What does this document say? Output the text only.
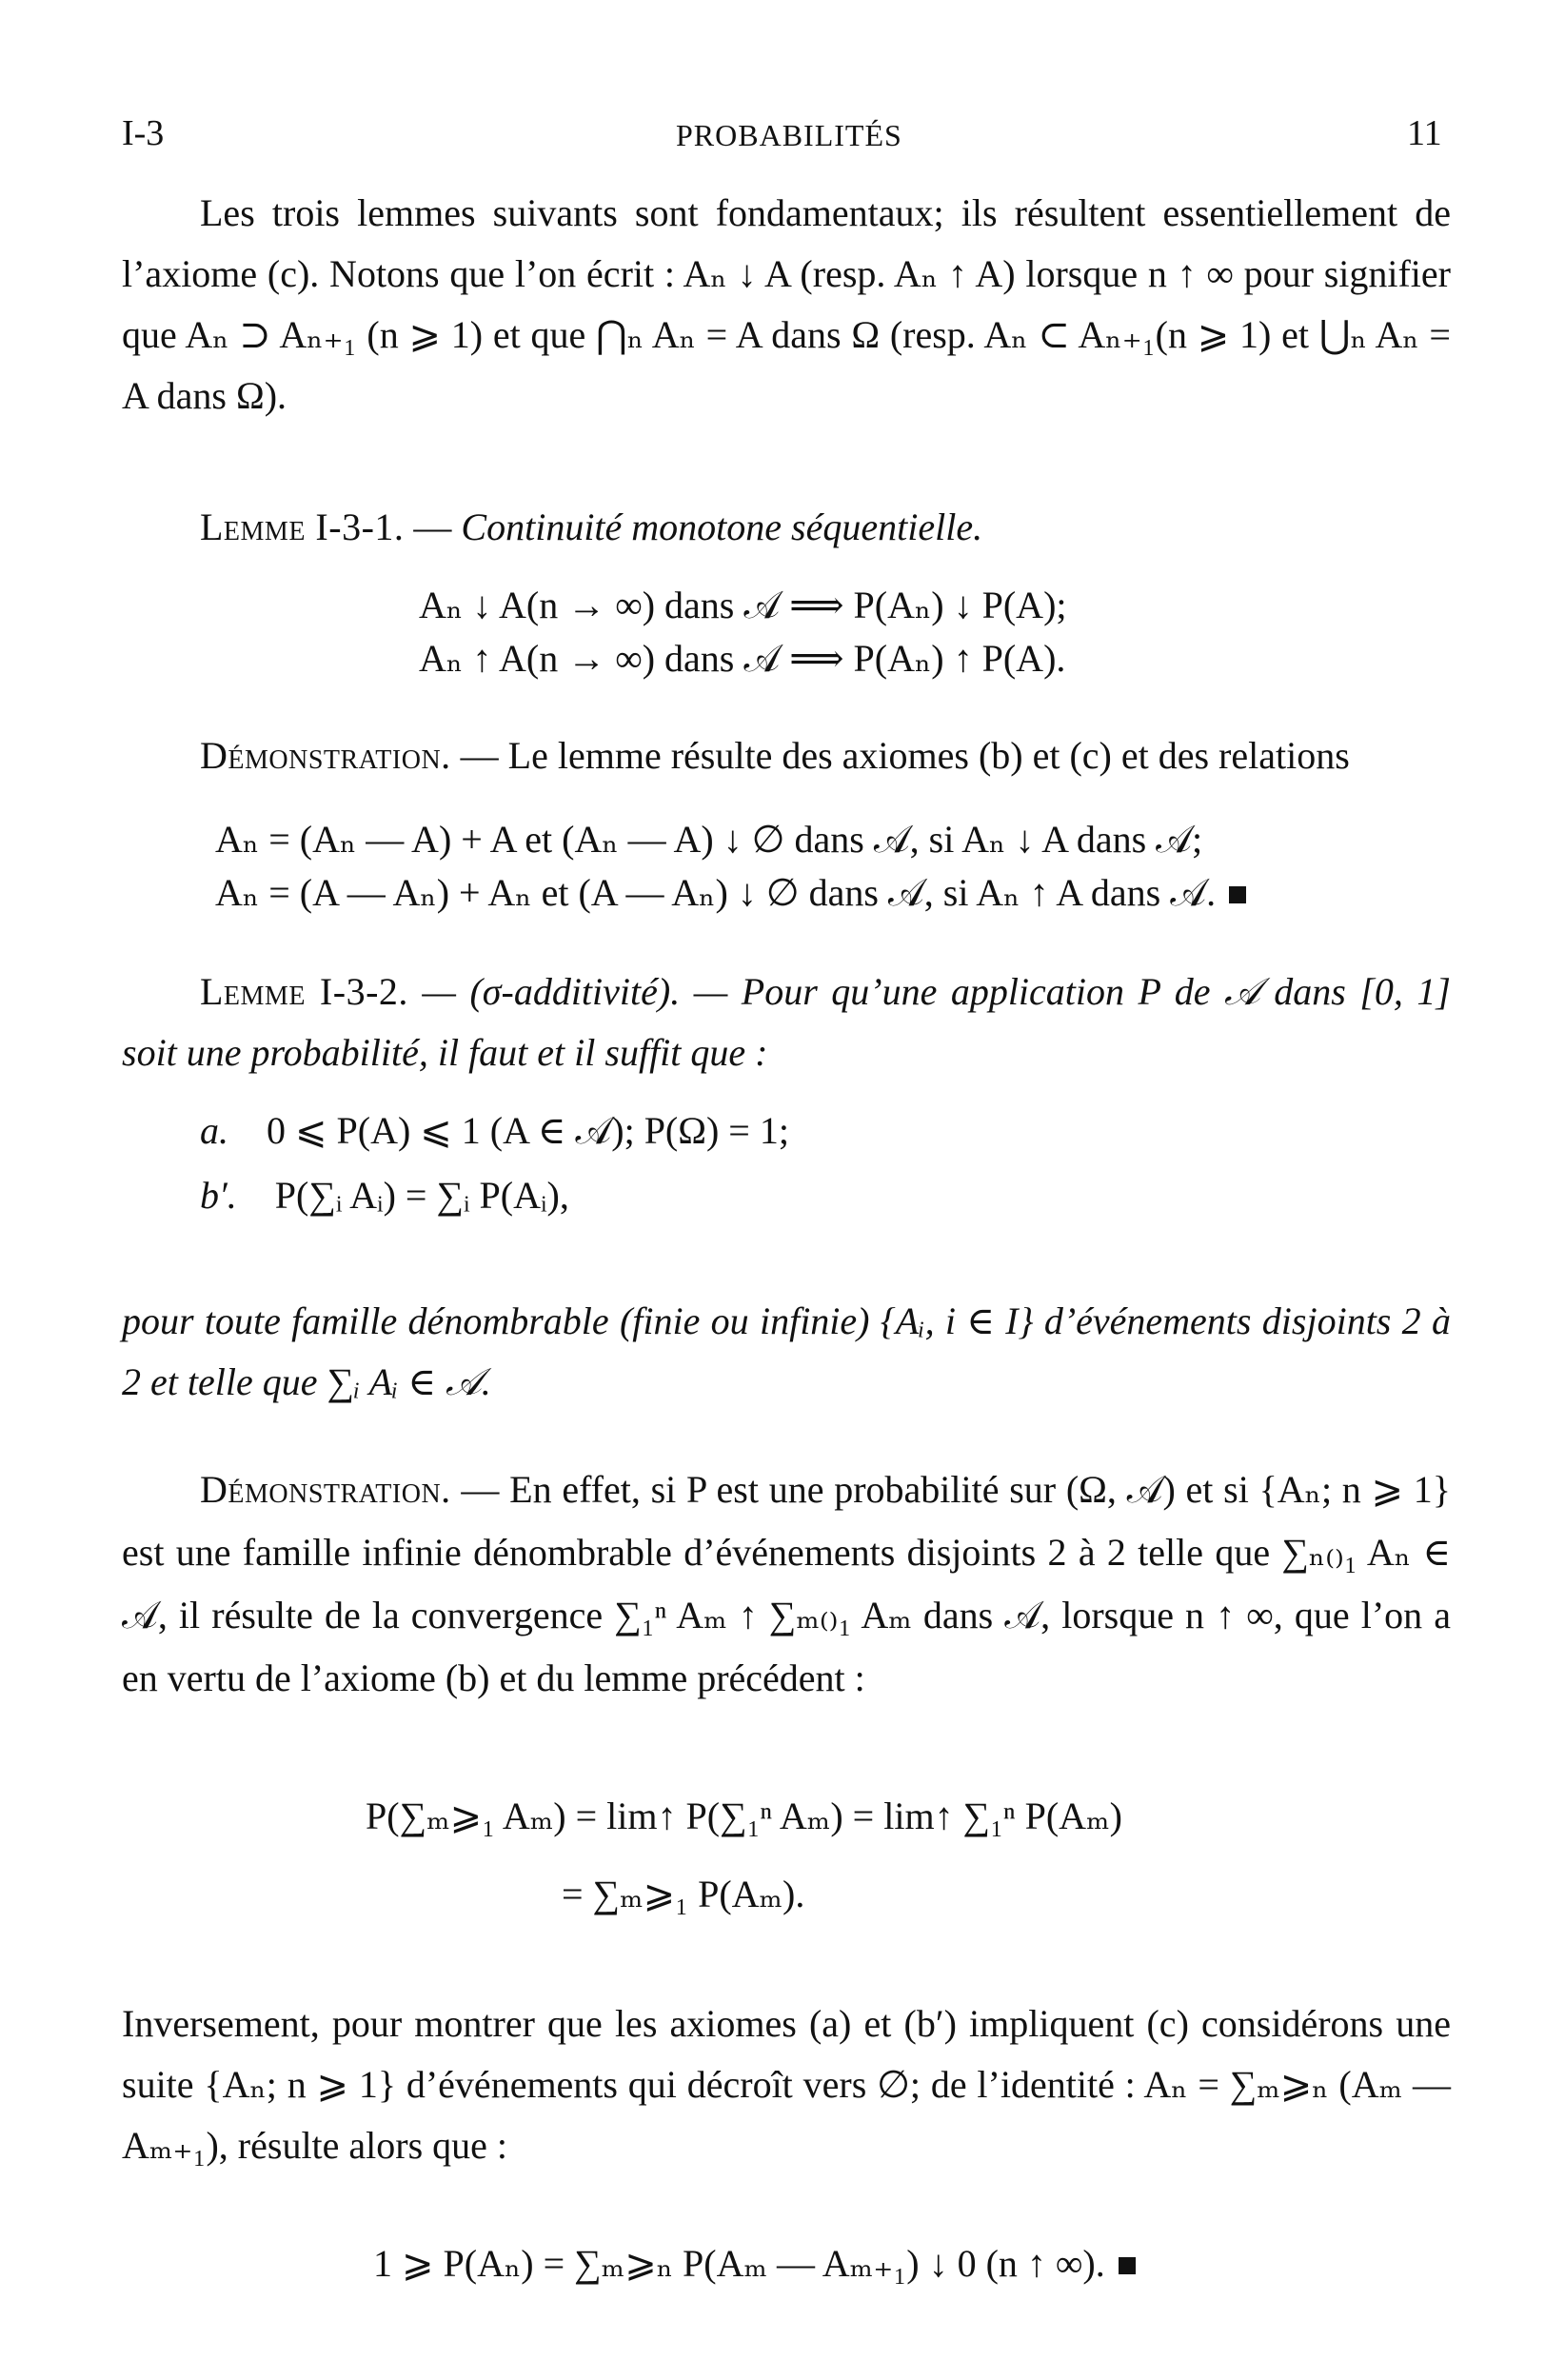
I-3	PROBABILITÉS	11
Les trois lemmes suivants sont fondamentaux; ils résultent essentiellement de l’axiome (c). Notons que l’on écrit : Aₙ ↓ A (resp. Aₙ ↑ A) lorsque n ↑ ∞ pour signifier que Aₙ ⊃ Aₙ₊₁ (n ⩾ 1) et que ⋂ₙ Aₙ = A dans Ω (resp. Aₙ ⊂ Aₙ₊₁(n ⩾ 1) et ⋃ₙ Aₙ = A dans Ω).
Lemme I-3-1. — Continuité monotone séquentielle.
Aₙ ↓ A(n → ∞) dans 𝒜 ⟹ P(Aₙ) ↓ P(A);
Aₙ ↑ A(n → ∞) dans 𝒜 ⟹ P(Aₙ) ↑ P(A).
Démonstration. — Le lemme résulte des axiomes (b) et (c) et des relations
Aₙ = (Aₙ — A) + A et (Aₙ — A) ↓ ∅ dans 𝒜, si Aₙ ↓ A dans 𝒜;
Aₙ = (A — Aₙ) + Aₙ et (A — Aₙ) ↓ ∅ dans 𝒜, si Aₙ ↑ A dans 𝒜.
Lemme I-3-2. — (σ-additivité). — Pour qu’une application P de 𝒜 dans [0, 1] soit une probabilité, il faut et il suffit que :
a. 0 ⩽ P(A) ⩽ 1 (A ∈ 𝒜); P(Ω) = 1;
b′. P(∑ᵢ Aᵢ) = ∑ᵢ P(Aᵢ),
pour toute famille dénombrable (finie ou infinie) {Aᵢ, i ∈ I} d’événements disjoints 2 à 2 et telle que ∑ᵢ Aᵢ ∈ 𝒜.
Démonstration. — En effet, si P est une probabilité sur (Ω, 𝒜) et si {Aₙ; n ⩾ 1} est une famille infinie dénombrable d’événements disjoints 2 à 2 telle que ∑ₙ₍₎₁ Aₙ ∈ 𝒜, il résulte de la convergence ∑₁ⁿ Aₘ ↑ ∑ₘ₍₎₁ Aₘ dans 𝒜, lorsque n ↑ ∞, que l’on a en vertu de l’axiome (b) et du lemme précédent :
P(∑ₘ⩾₁ Aₘ) = lim↑ P(∑₁ⁿ Aₘ) = lim↑ ∑₁ⁿ P(Aₘ)
= ∑ₘ⩾₁ P(Aₘ).
Inversement, pour montrer que les axiomes (a) et (b′) impliquent (c) considérons une suite {Aₙ; n ⩾ 1} d’événements qui décroît vers ∅; de l’identité : Aₙ = ∑ₘ⩾ₙ (Aₘ — Aₘ₊₁), résulte alors que :
1 ⩾ P(Aₙ) = ∑ₘ⩾ₙ P(Aₘ — Aₘ₊₁) ↓ 0 (n ↑ ∞).
